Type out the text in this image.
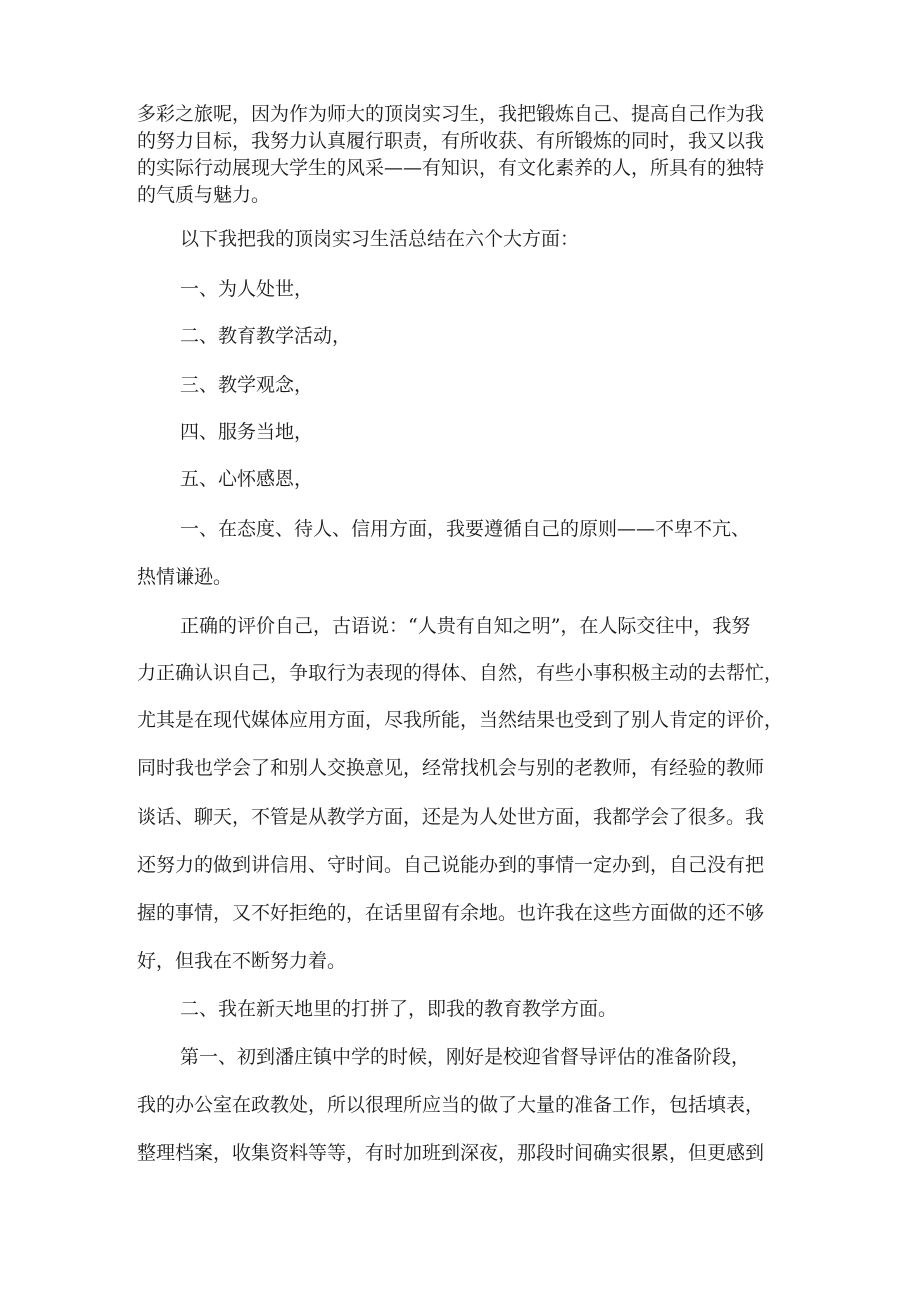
多彩之旅呢，因为作为师大的顶岗实习生，我把锻炼自己、提高自己作为我
的努力目标，我努力认真履行职责，有所收获、有所锻炼的同时，我又以我
的实际行动展现大学生的风采——有知识，有文化素养的人，所具有的独特
的气质与魅力。
以下我把我的顶岗实习生活总结在六个大方面：
一、为人处世，
二、教育教学活动，
三、教学观念，
四、服务当地，
五、心怀感恩，
一、在态度、待人、信用方面，我要遵循自己的原则——不卑不亢、
热情谦逊。
正确的评价自己，古语说：“人贵有自知之明”，在人际交往中，我努
力正确认识自己，争取行为表现的得体、自然，有些小事积极主动的去帮忙，
尤其是在现代媒体应用方面，尽我所能，当然结果也受到了别人肯定的评价，
同时我也学会了和别人交换意见，经常找机会与别的老教师，有经验的教师
谈话、聊天，不管是从教学方面，还是为人处世方面，我都学会了很多。我
还努力的做到讲信用、守时间。自己说能办到的事情一定办到，自己没有把
握的事情，又不好拒绝的，在话里留有余地。也许我在这些方面做的还不够
好，但我在不断努力着。
二、我在新天地里的打拼了，即我的教育教学方面。
第一、初到潘庄镇中学的时候，刚好是校迎省督导评估的准备阶段，
我的办公室在政教处，所以很理所应当的做了大量的准备工作，包括填表，
整理档案，收集资料等等，有时加班到深夜，那段时间确实很累，但更感到
